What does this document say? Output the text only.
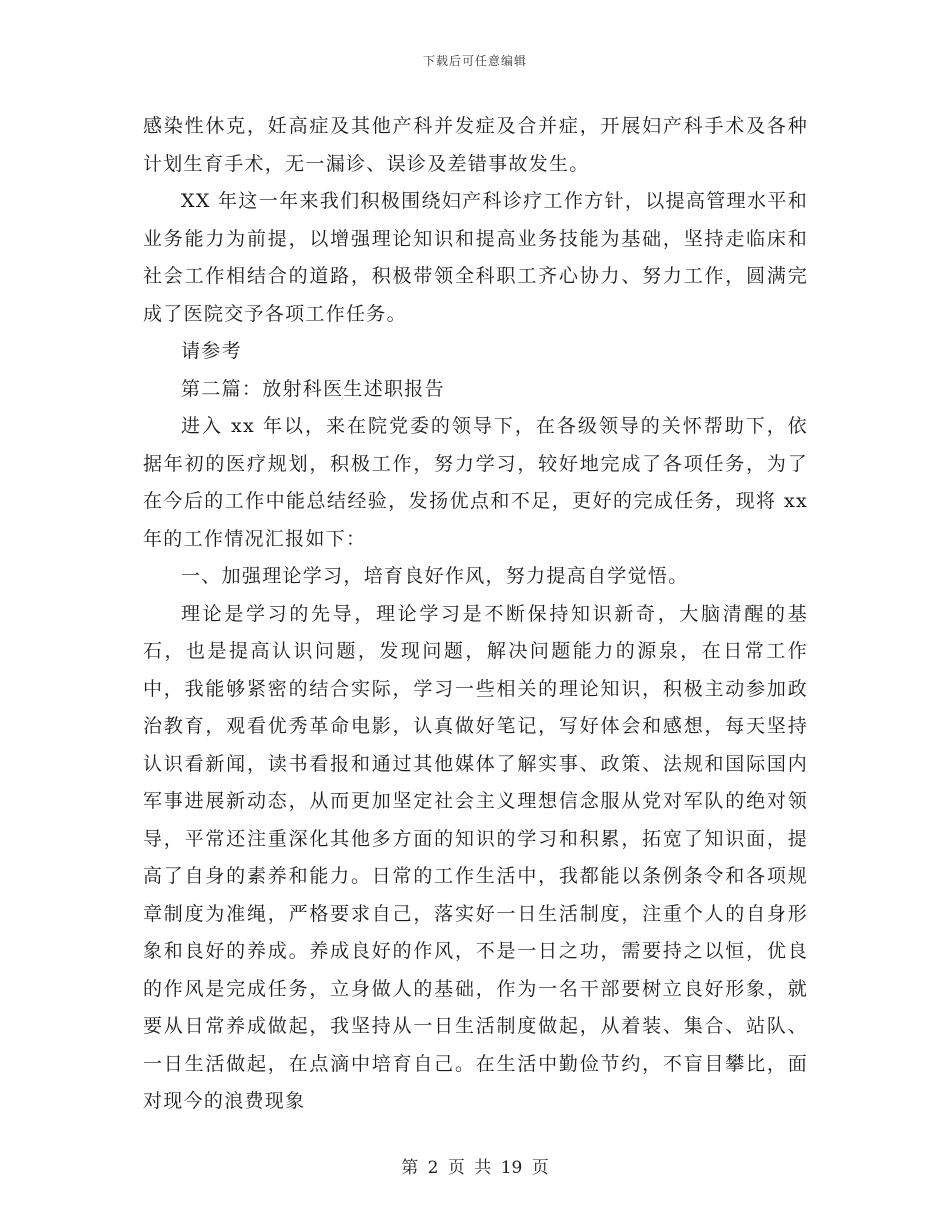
下载后可任意编辑

感染性休克，妊高症及其他产科并发症及合并症，开展妇产科手术及各种计划生育手术，无一漏诊、误诊及差错事故发生。

XX 年这一年来我们积极围绕妇产科诊疗工作方针，以提高管理水平和业务能力为前提，以增强理论知识和提高业务技能为基础，坚持走临床和社会工作相结合的道路，积极带领全科职工齐心协力、努力工作，圆满完成了医院交予各项工作任务。

请参考

第二篇：放射科医生述职报告

进入 xx 年以，来在院党委的领导下，在各级领导的关怀帮助下，依据年初的医疗规划，积极工作，努力学习，较好地完成了各项任务，为了在今后的工作中能总结经验，发扬优点和不足，更好的完成任务，现将 xx 年的工作情况汇报如下：

一、加强理论学习，培育良好作风，努力提高自学觉悟。

理论是学习的先导，理论学习是不断保持知识新奇，大脑清醒的基石，也是提高认识问题，发现问题，解决问题能力的源泉，在日常工作中，我能够紧密的结合实际，学习一些相关的理论知识，积极主动参加政治教育，观看优秀革命电影，认真做好笔记，写好体会和感想，每天坚持认识看新闻，读书看报和通过其他媒体了解实事、政策、法规和国际国内军事进展新动态，从而更加坚定社会主义理想信念服从党对军队的绝对领导，平常还注重深化其他多方面的知识的学习和积累，拓宽了知识面，提高了自身的素养和能力。日常的工作生活中，我都能以条例条令和各项规章制度为准绳，严格要求自己，落实好一日生活制度，注重个人的自身形象和良好的养成。养成良好的作风，不是一日之功，需要持之以恒，优良的作风是完成任务，立身做人的基础，作为一名干部要树立良好形象，就要从日常养成做起，我坚持从一日生活制度做起，从着装、集合、站队、一日生活做起，在点滴中培育自己。在生活中勤俭节约，不盲目攀比，面对现今的浪费现象

第 2 页 共 19 页
